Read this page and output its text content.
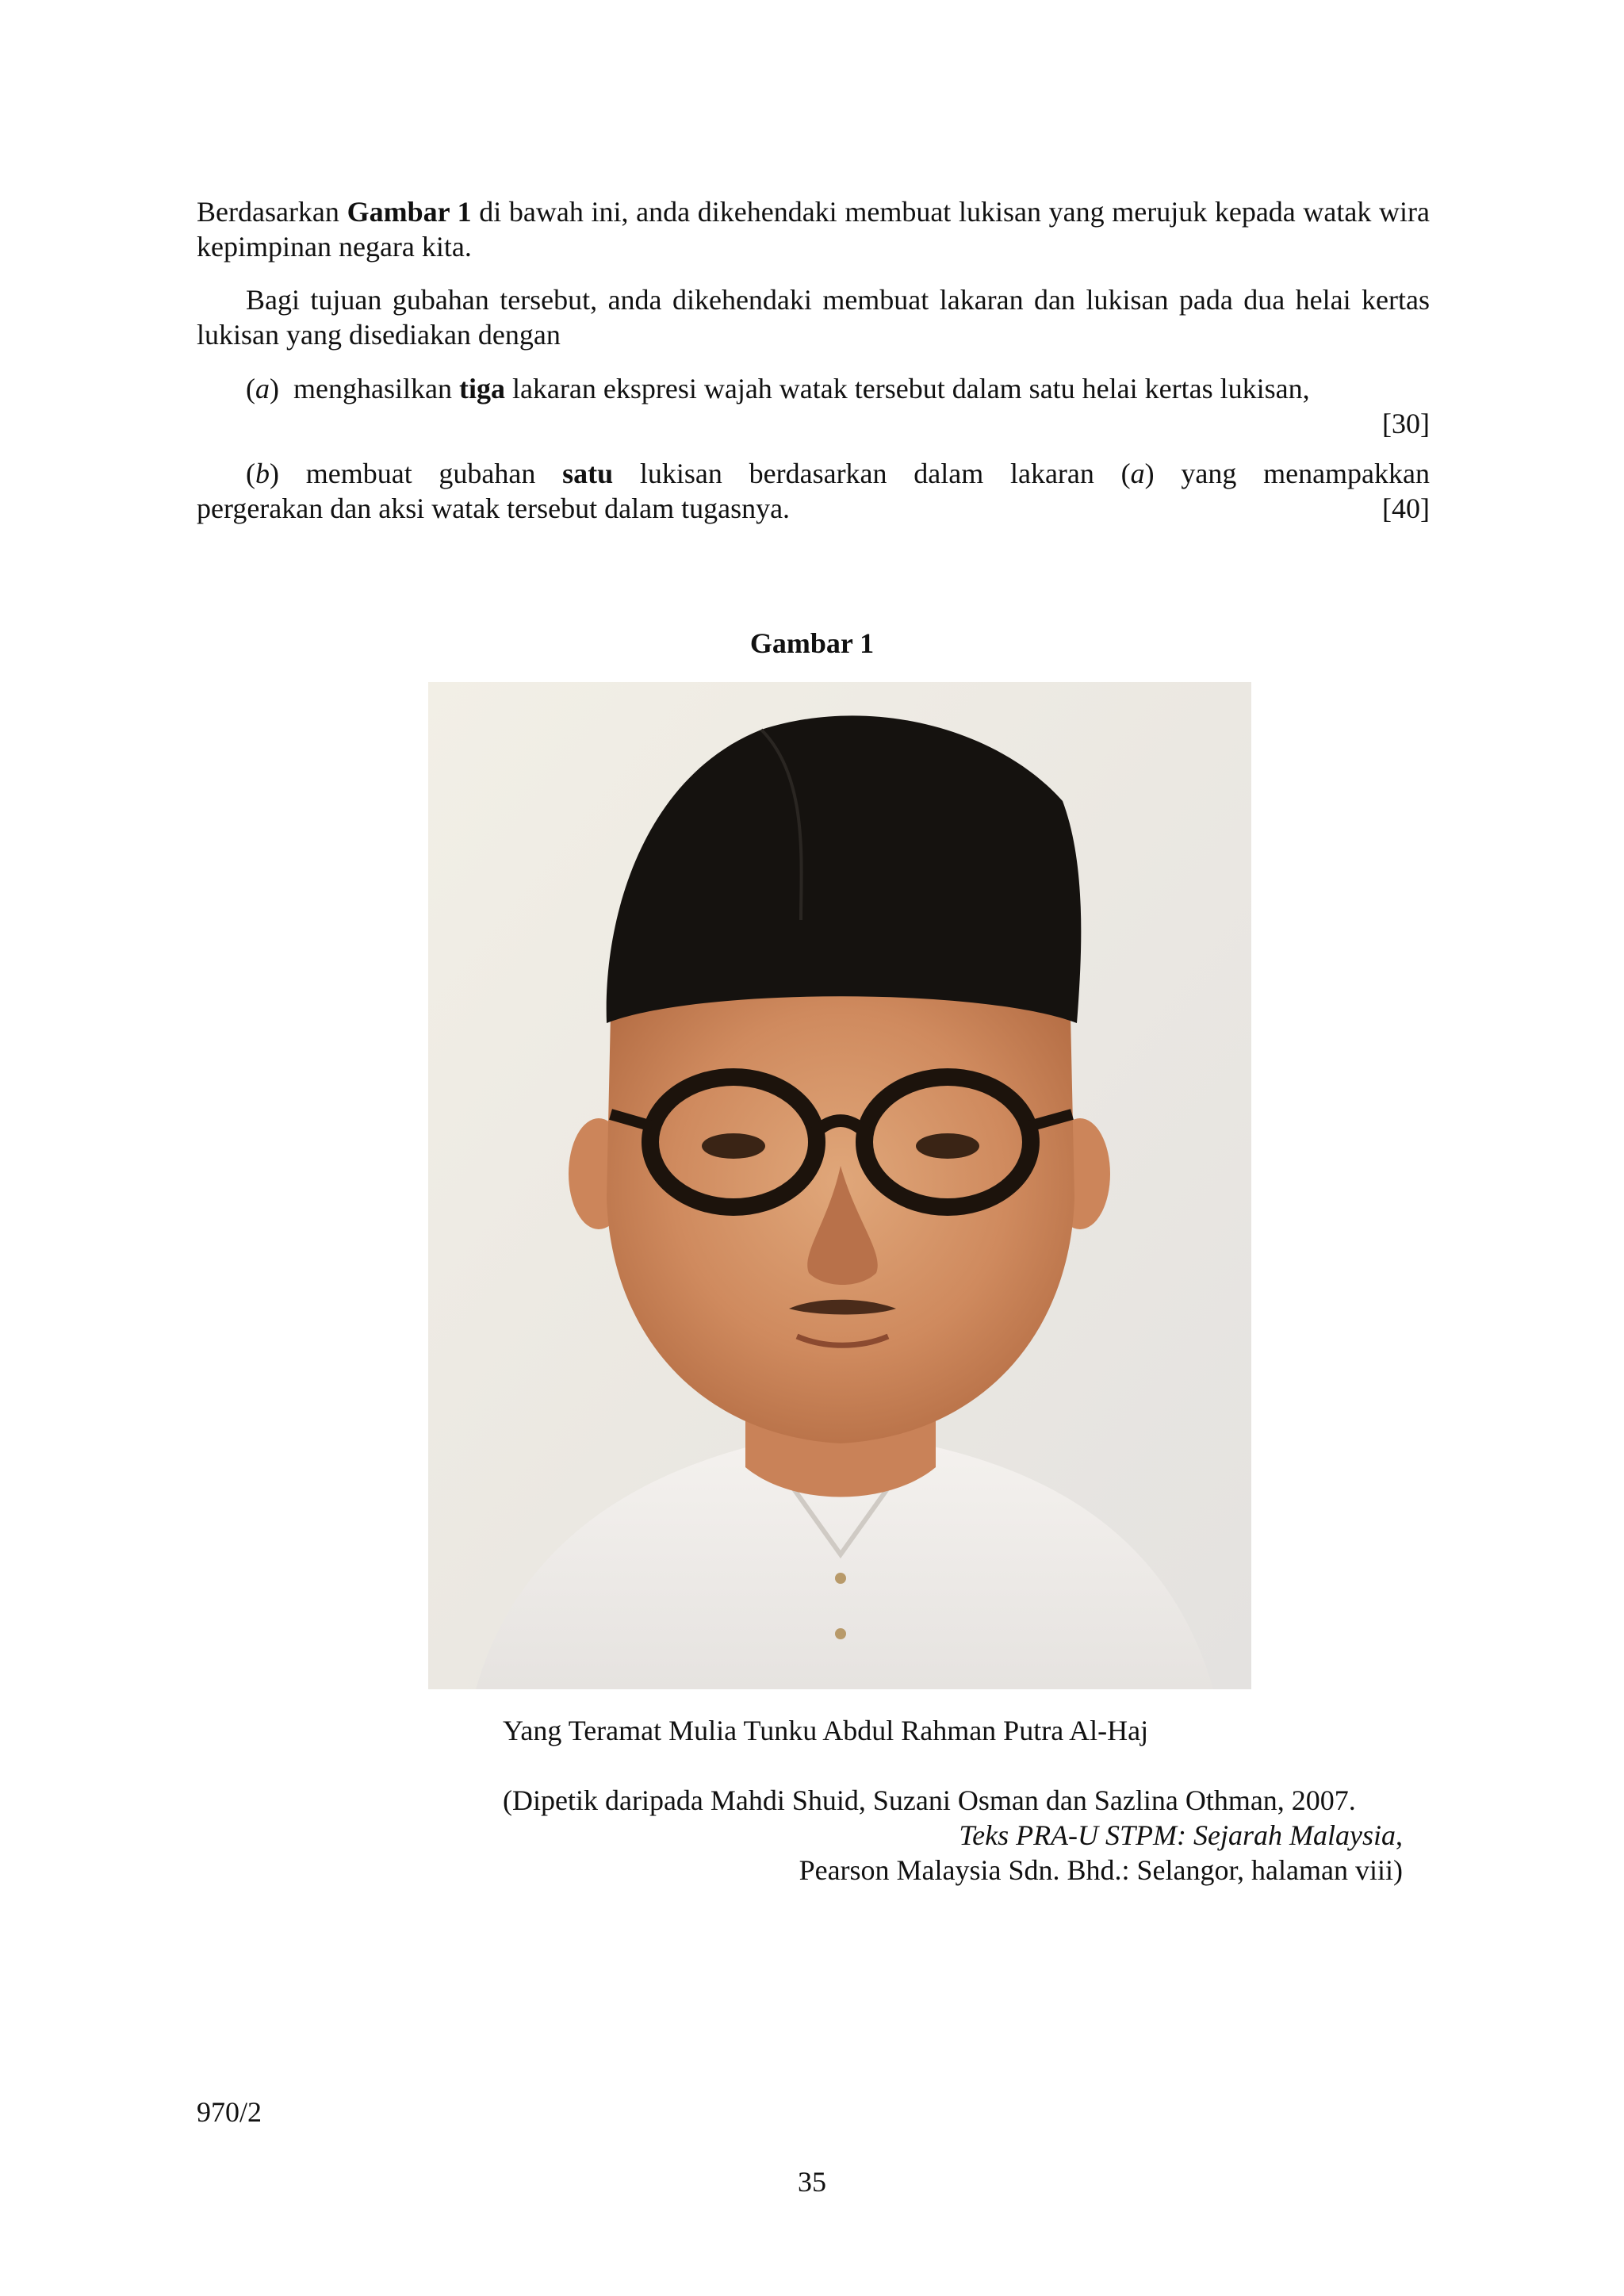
Berdasarkan Gambar 1 di bawah ini, anda dikehendaki membuat lukisan yang merujuk kepada watak wira kepimpinan negara kita.
Bagi tujuan gubahan tersebut, anda dikehendaki membuat lakaran dan lukisan pada dua helai kertas lukisan yang disediakan dengan
(a)  menghasilkan tiga lakaran ekspresi wajah watak tersebut dalam satu helai kertas lukisan,
[30]
(b) membuat gubahan satu lukisan berdasarkan dalam lakaran (a) yang menampakkan
pergerakan dan aksi watak tersebut dalam tugasnya.	[40]
Gambar 1
Yang Teramat Mulia Tunku Abdul Rahman Putra Al-Haj
(Dipetik daripada Mahdi Shuid, Suzani Osman dan Sazlina Othman, 2007.
Teks PRA-U STPM: Sejarah Malaysia,
Pearson Malaysia Sdn. Bhd.: Selangor, halaman viii)
970/2
35
